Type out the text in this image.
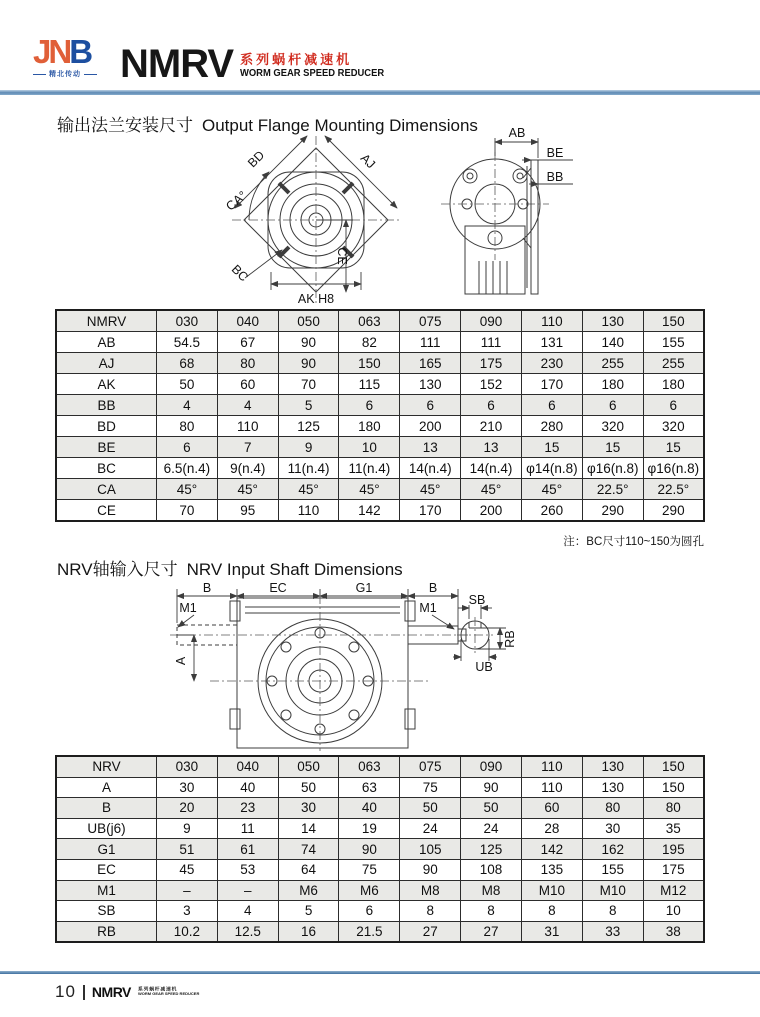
JNB
精北传动 NMRV 系列蜗杆减速机
WORM GEAR SPEED REDUCER
输出法兰安装尺寸 Output Flange Mounting Dimensions
BD	AJ
CA°
BC
CE
AK H8
AB
BE
BB
NMRV	030	040	050	063	075	090	110	130	150
AB	54.5	67	90	82	111	111	131	140	155
AJ	68	80	90	150	165	175	230	255	255
AK	50	60	70	115	130	152	170	180	180
BB	4	4	5	6	6	6	6	6	6
BD	80	110	125	180	200	210	280	320	320
BE	6	7	9	10	13	13	15	15	15
BC	6.5(n.4)	9(n.4)	11(n.4)	11(n.4)	14(n.4)	14(n.4)	φ14(n.8)	φ16(n.8)	φ16(n.8)
CA	45°	45°	45°	45°	45°	45°	45°	22.5°	22.5°
CE	70	95	110	142	170	200	260	290	290
注：BC尺寸110~150为圆孔
NRV轴输入尺寸 NRV Input Shaft Dimensions
B	EC	G1	B
M1	M1
A
SB
RB
UB
NRV	030	040	050	063	075	090	110	130	150
A	30	40	50	63	75	90	110	130	150
B	20	23	30	40	50	50	60	80	80
UB(j6)	9	11	14	19	24	24	28	30	35
G1	51	61	74	90	105	125	142	162	195
EC	45	53	64	75	90	108	135	155	175
M1	–	–	M6	M6	M8	M8	M10	M10	M12
SB	3	4	5	6	8	8	8	8	10
RB	10.2	12.5	16	21.5	27	27	31	33	38
10 NMRV 系列蜗杆减速机
WORM GEAR SPEED REDUCER
